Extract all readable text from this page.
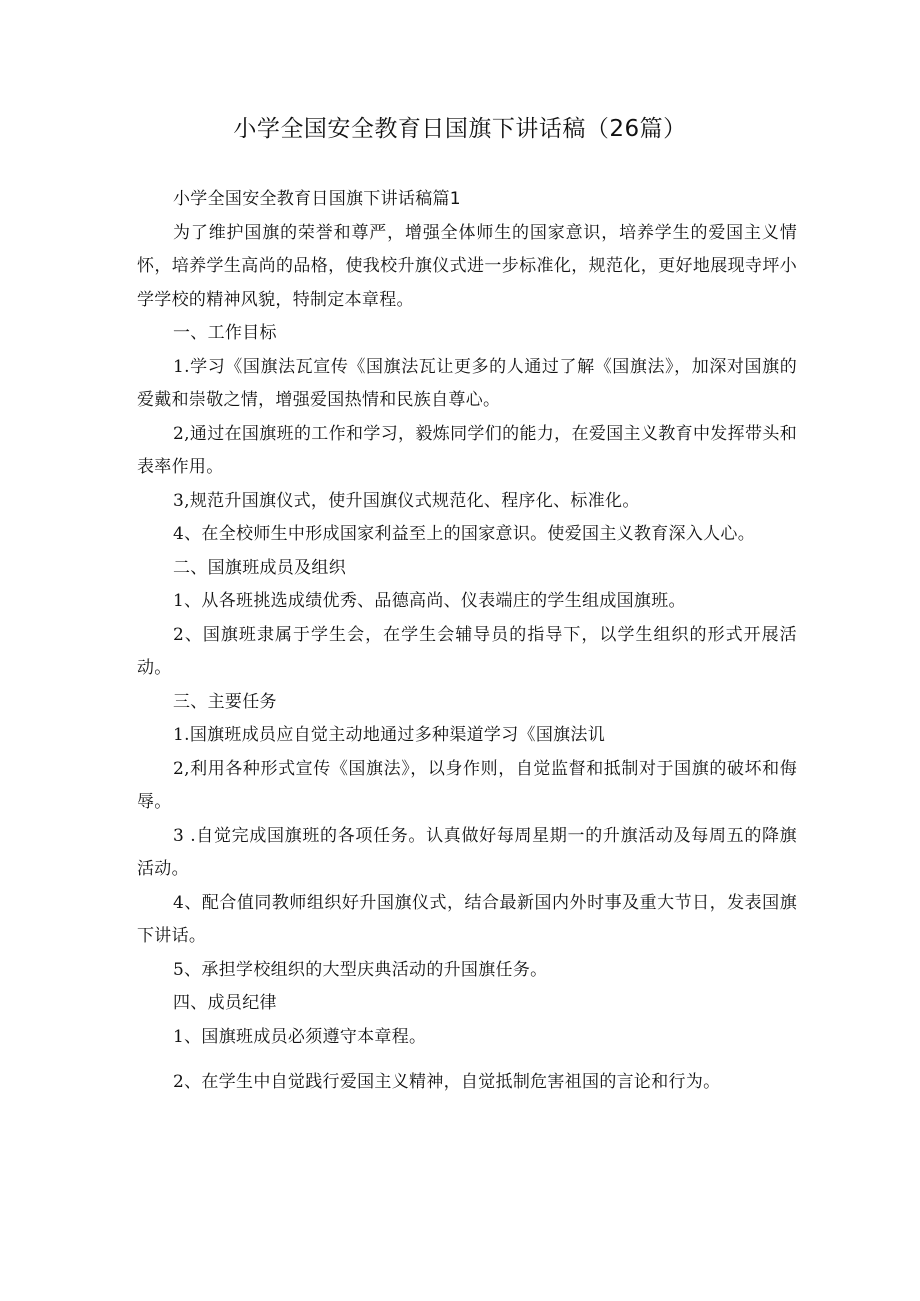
小学全国安全教育日国旗下讲话稿（26篇）

小学全国安全教育日国旗下讲话稿篇1

为了维护国旗的荣誉和尊严，增强全体师生的国家意识，培养学生的爱国主义情怀，培养学生高尚的品格，使我校升旗仪式进一步标准化，规范化，更好地展现寺坪小学学校的精神风貌，特制定本章程。

一、工作目标

1.学习《国旗法瓦宣传《国旗法瓦让更多的人通过了解《国旗法》，加深对国旗的爱戴和崇敬之情，增强爱国热情和民族自尊心。

2,通过在国旗班的工作和学习，毅炼同学们的能力，在爱国主义教育中发挥带头和表率作用。

3,规范升国旗仪式，使升国旗仪式规范化、程序化、标准化。

4、在全校师生中形成国家利益至上的国家意识。使爱国主义教育深入人心。

二、国旗班成员及组织

1、从各班挑选成绩优秀、品德高尚、仪表端庄的学生组成国旗班。

2、国旗班隶属于学生会，在学生会辅导员的指导下，以学生组织的形式开展活动。

三、主要任务

1.国旗班成员应自觉主动地通过多种渠道学习《国旗法讥

2,利用各种形式宣传《国旗法》，以身作则，自觉监督和抵制对于国旗的破坏和侮辱。

3 .自觉完成国旗班的各项任务。认真做好每周星期一的升旗活动及每周五的降旗活动。

4、配合值同教师组织好升国旗仪式，结合最新国内外时事及重大节日，发表国旗下讲话。

5、承担学校组织的大型庆典活动的升国旗任务。

四、成员纪律

1、国旗班成员必须遵守本章程。

2、在学生中自觉践行爱国主义精神，自觉抵制危害祖国的言论和行为。
